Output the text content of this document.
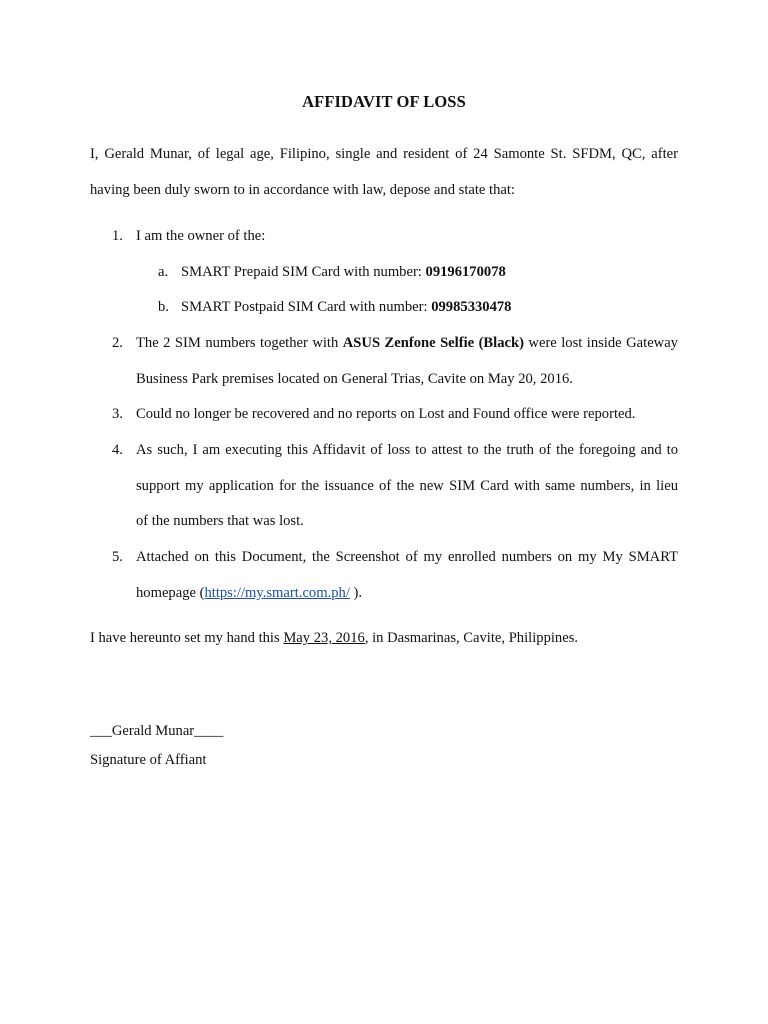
AFFIDAVIT OF LOSS
I, Gerald Munar, of legal age, Filipino, single and resident of 24 Samonte St. SFDM, QC, after
having been duly sworn to in accordance with law, depose and state that:
1. I am the owner of the:
a. SMART Prepaid SIM Card with number: 09196170078
b. SMART Postpaid SIM Card with number: 09985330478
2. The 2 SIM numbers together with ASUS Zenfone Selfie (Black) were lost inside Gateway
Business Park premises located on General Trias, Cavite on May 20, 2016.
3. Could no longer be recovered and no reports on Lost and Found office were reported.
4. As such, I am executing this Affidavit of loss to attest to the truth of the foregoing and to
support my application for the issuance of the new SIM Card with same numbers, in lieu
of the numbers that was lost.
5. Attached on this Document, the Screenshot of my enrolled numbers on my My SMART
homepage (https://my.smart.com.ph/ ).
I have hereunto set my hand this May 23, 2016, in Dasmarinas, Cavite, Philippines.
___Gerald Munar____
Signature of Affiant
